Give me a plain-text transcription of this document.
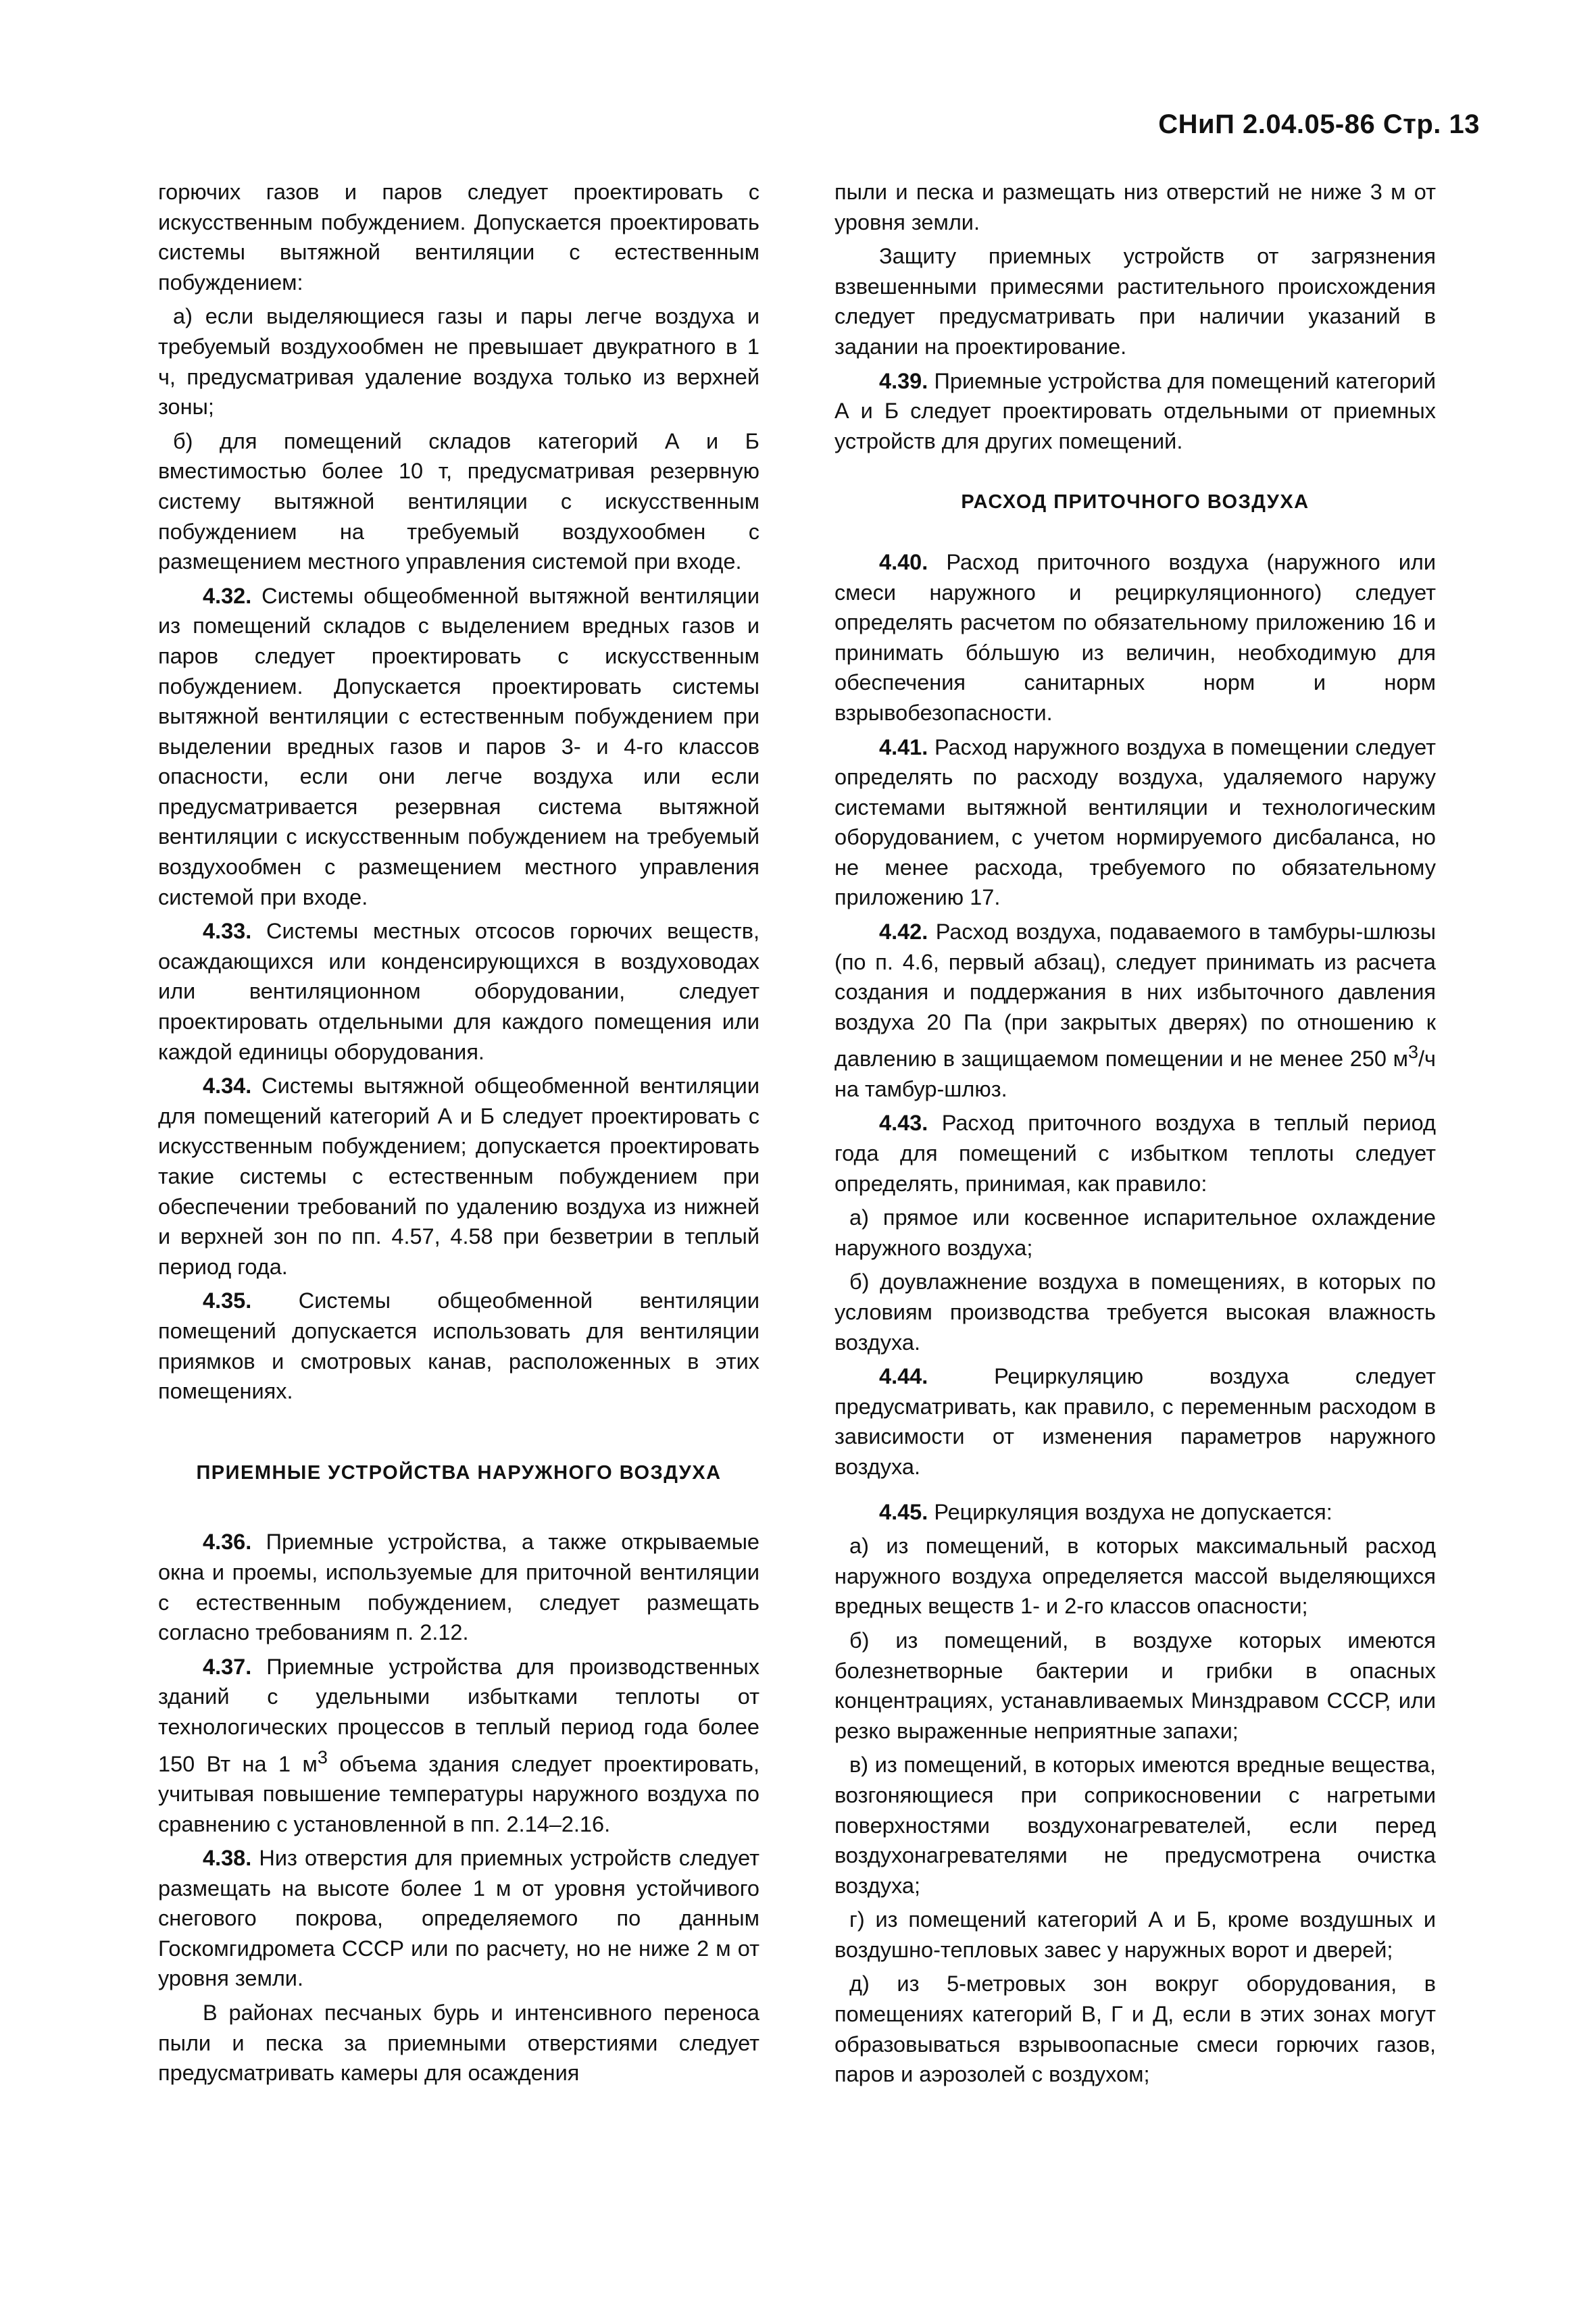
СНиП 2.04.05-86 Стр. 13

горючих газов и паров следует проектировать с искусственным побуждением. Допускается проектировать системы вытяжной вентиляции с естественным побуждением:

а) если выделяющиеся газы и пары легче воздуха и требуемый воздухообмен не превышает двукратного в 1 ч, предусматривая удаление воздуха только из верхней зоны;

б) для помещений складов категорий А и Б вместимостью более 10 т, предусматривая резервную систему вытяжной вентиляции с искусственным побуждением на требуемый воздухообмен с размещением местного управления системой при входе.

4.32. Системы общеобменной вытяжной вентиляции из помещений складов с выделением вредных газов и паров следует проектировать с искусственным побуждением. Допускается проектировать системы вытяжной вентиляции с естественным побуждением при выделении вредных газов и паров 3- и 4-го классов опасности, если они легче воздуха или если предусматривается резервная система вытяжной вентиляции с искусственным побуждением на требуемый воздухообмен с размещением местного управления системой при входе.

4.33. Системы местных отсосов горючих веществ, осаждающихся или конденсирующихся в воздуховодах или вентиляционном оборудовании, следует проектировать отдельными для каждого помещения или каждой единицы оборудования.

4.34. Системы вытяжной общеобменной вентиляции для помещений категорий А и Б следует проектировать с искусственным побуждением; допускается проектировать такие системы с естественным побуждением при обеспечении требований по удалению воздуха из нижней и верхней зон по пп. 4.57, 4.58 при безветрии в теплый период года.

4.35. Системы общеобменной вентиляции помещений допускается использовать для вентиляции приямков и смотровых канав, расположенных в этих помещениях.

ПРИЕМНЫЕ УСТРОЙСТВА НАРУЖНОГО ВОЗДУХА

4.36. Приемные устройства, а также открываемые окна и проемы, используемые для приточной вентиляции с естественным побуждением, следует размещать согласно требованиям п. 2.12.

4.37. Приемные устройства для производственных зданий с удельными избытками теплоты от технологических процессов в теплый период года более 150 Вт на 1 $м^3$ объема здания следует проектировать, учитывая повышение температуры наружного воздуха по сравнению с установленной в пп. 2.14–2.16.

4.38. Низ отверстия для приемных устройств следует размещать на высоте более 1 м от уровня устойчивого снегового покрова, определяемого по данным Госкомгидромета СССР или по расчету, но не ниже 2 м от уровня земли.

В районах песчаных бурь и интенсивного переноса пыли и песка за приемными отверстиями следует предусматривать камеры для осаждения

пыли и песка и размещать низ отверстий не ниже 3 м от уровня земли.

Защиту приемных устройств от загрязнения взвешенными примесями растительного происхождения следует предусматривать при наличии указаний в задании на проектирование.

4.39. Приемные устройства для помещений категорий А и Б следует проектировать отдельными от приемных устройств для других помещений.

РАСХОД ПРИТОЧНОГО ВОЗДУХА

4.40. Расход приточного воздуха (наружного или смеси наружного и рециркуляционного) следует определять расчетом по обязательному приложению 16 и принимать бóльшую из величин, необходимую для обеспечения санитарных норм и норм взрывобезопасности.

4.41. Расход наружного воздуха в помещении следует определять по расходу воздуха, удаляемого наружу системами вытяжной вентиляции и технологическим оборудованием, с учетом нормируемого дисбаланса, но не менее расхода, требуемого по обязательному приложению 17.

4.42. Расход воздуха, подаваемого в тамбуры-шлюзы (по п. 4.6, первый абзац), следует принимать из расчета создания и поддержания в них избыточного давления воздуха 20 Па (при закрытых дверях) по отношению к давлению в защищаемом помещении и не менее 250 $м^3/ч$ на тамбур-шлюз.

4.43. Расход приточного воздуха в теплый период года для помещений с избытком теплоты следует определять, принимая, как правило:

а) прямое или косвенное испарительное охлаждение наружного воздуха;

б) доувлажнение воздуха в помещениях, в которых по условиям производства требуется высокая влажность воздуха.

4.44. Рециркуляцию воздуха следует предусматривать, как правило, с переменным расходом в зависимости от изменения параметров наружного воздуха.

4.45. Рециркуляция воздуха не допускается:

а) из помещений, в которых максимальный расход наружного воздуха определяется массой выделяющихся вредных веществ 1- и 2-го классов опасности;

б) из помещений, в воздухе которых имеются болезнетворные бактерии и грибки в опасных концентрациях, устанавливаемых Минздравом СССР, или резко выраженные неприятные запахи;

в) из помещений, в которых имеются вредные вещества, возгоняющиеся при соприкосновении с нагретыми поверхностями воздухонагревателей, если перед воздухонагревателями не предусмотрена очистка воздуха;

г) из помещений категорий А и Б, кроме воздушных и воздушно-тепловых завес у наружных ворот и дверей;

д) из 5-метровых зон вокруг оборудования, в помещениях категорий В, Г и Д, если в этих зонах могут образовываться взрывоопасные смеси горючих газов, паров и аэрозолей с воздухом;
